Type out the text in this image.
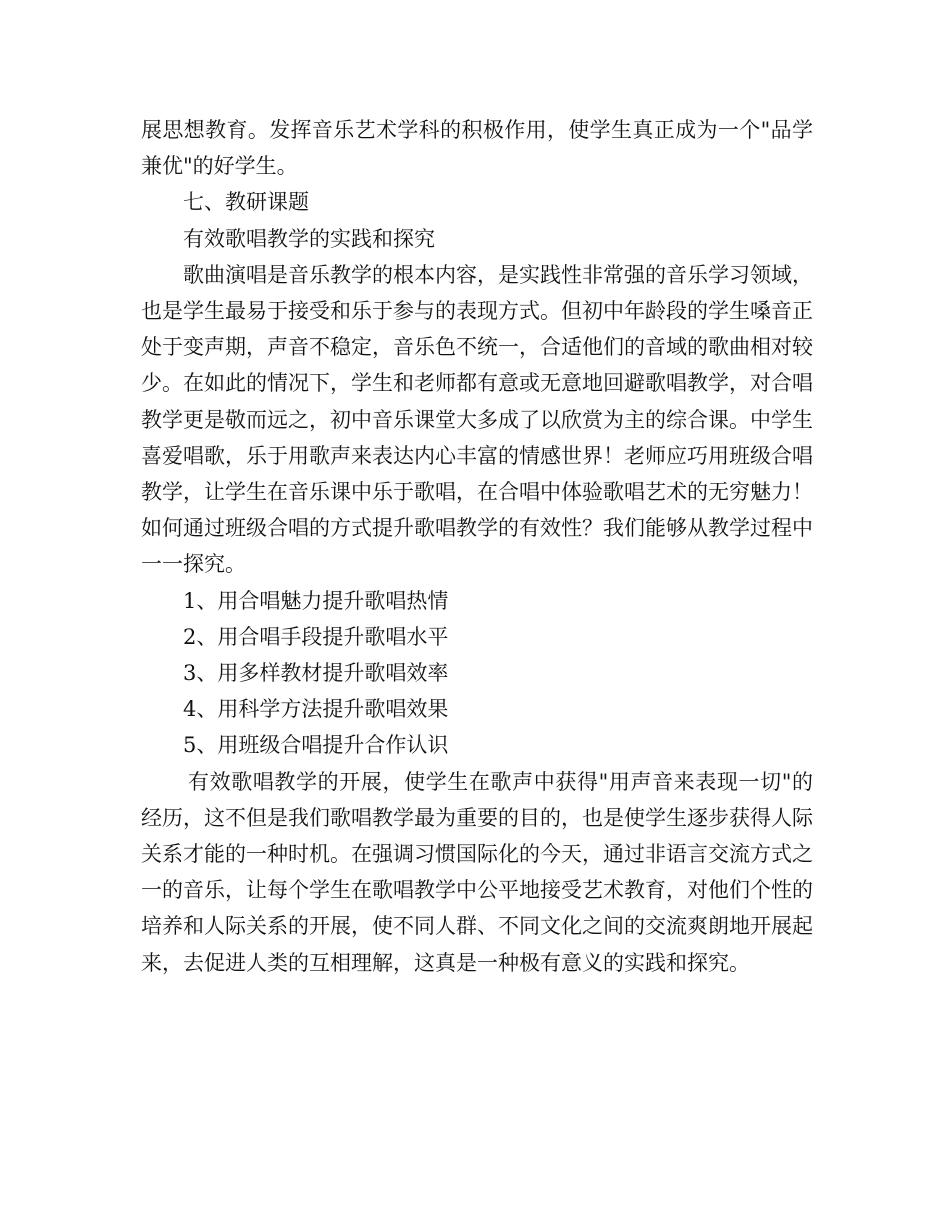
展思想教育。发挥音乐艺术学科的积极作用，使学生真正成为一个"品学兼优"的好学生。

七、教研课题

有效歌唱教学的实践和探究

歌曲演唱是音乐教学的根本内容，是实践性非常强的音乐学习领域，也是学生最易于接受和乐于参与的表现方式。但初中年龄段的学生嗓音正处于变声期，声音不稳定，音乐色不统一，合适他们的音域的歌曲相对较少。在如此的情况下，学生和老师都有意或无意地回避歌唱教学，对合唱教学更是敬而远之，初中音乐课堂大多成了以欣赏为主的综合课。中学生喜爱唱歌，乐于用歌声来表达内心丰富的情感世界！老师应巧用班级合唱教学，让学生在音乐课中乐于歌唱，在合唱中体验歌唱艺术的无穷魅力！如何通过班级合唱的方式提升歌唱教学的有效性？我们能够从教学过程中一一探究。

1、用合唱魅力提升歌唱热情

2、用合唱手段提升歌唱水平

3、用多样教材提升歌唱效率

4、用科学方法提升歌唱效果

5、用班级合唱提升合作认识

有效歌唱教学的开展，使学生在歌声中获得"用声音来表现一切"的经历，这不但是我们歌唱教学最为重要的目的，也是使学生逐步获得人际关系才能的一种时机。在强调习惯国际化的今天，通过非语言交流方式之一的音乐，让每个学生在歌唱教学中公平地接受艺术教育，对他们个性的培养和人际关系的开展，使不同人群、不同文化之间的交流爽朗地开展起来，去促进人类的互相理解，这真是一种极有意义的实践和探究。
